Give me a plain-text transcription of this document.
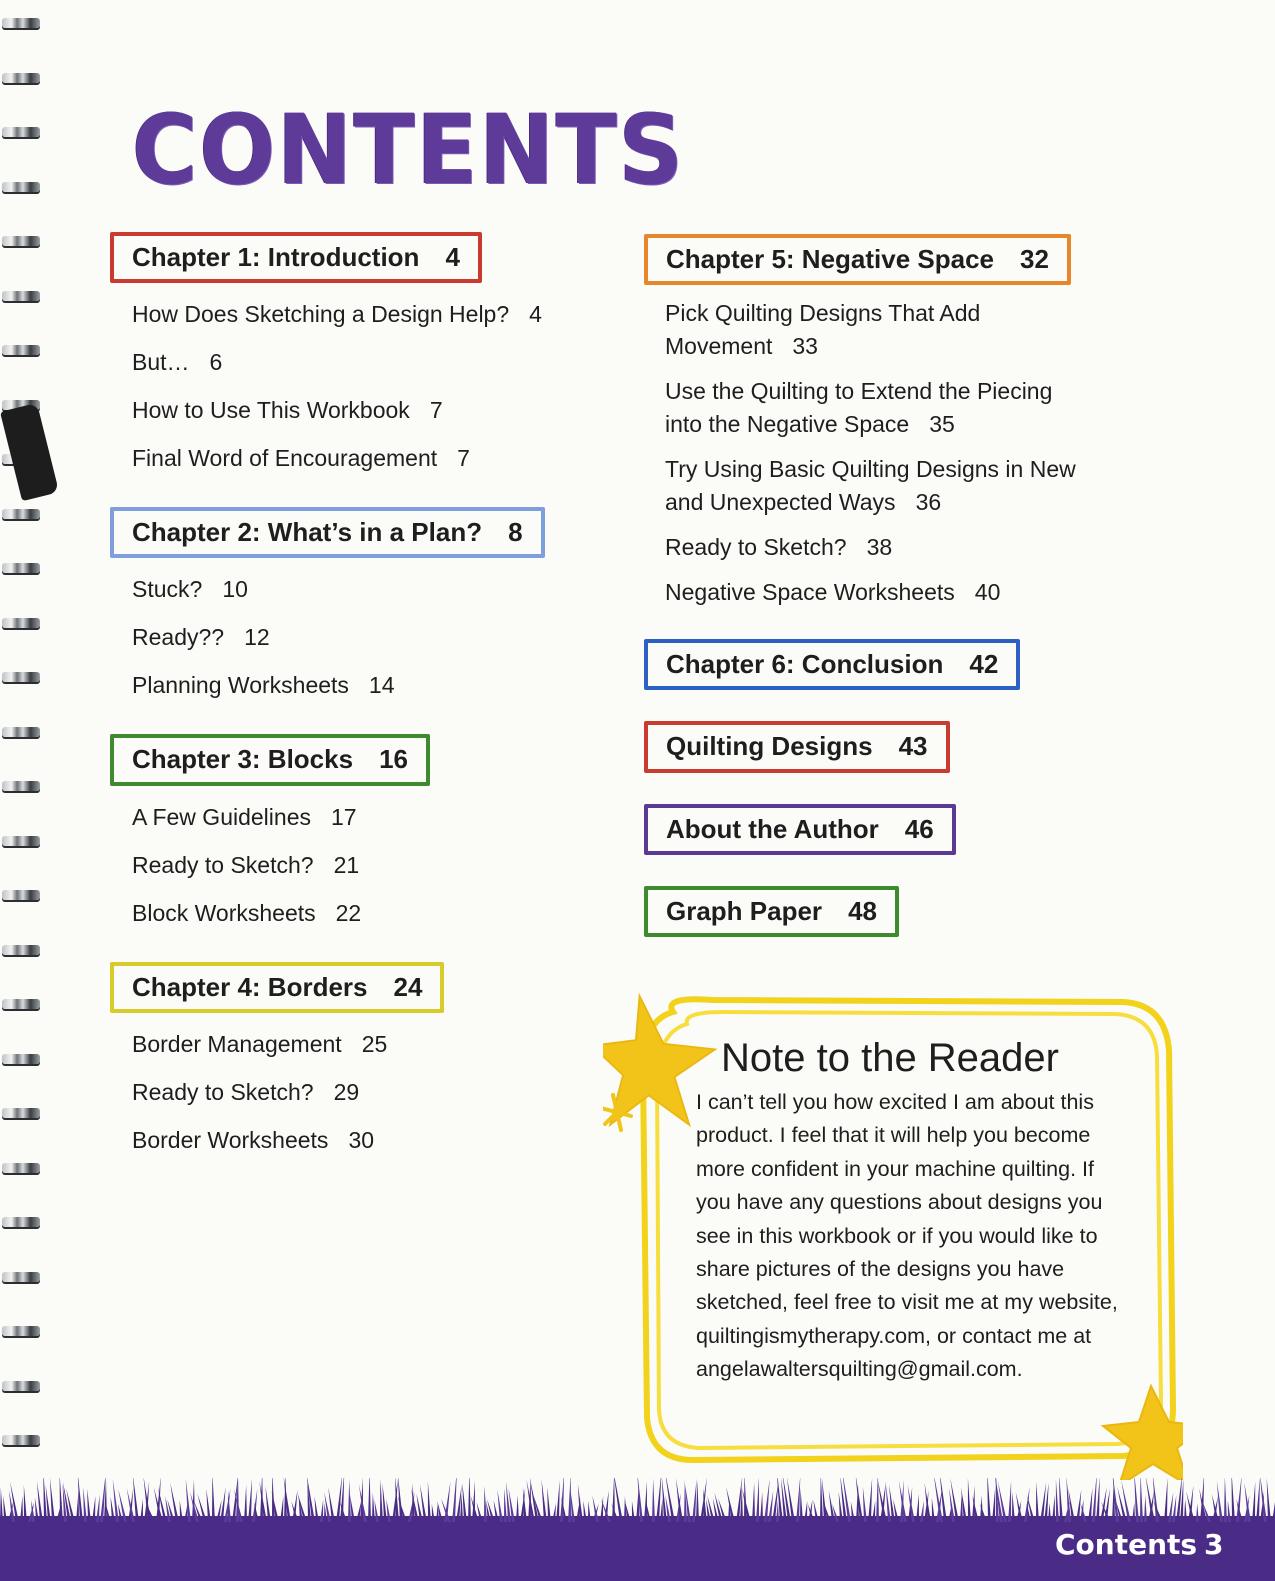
CONTENTS
Chapter 1: Introduction 4
How Does Sketching a Design Help? 4
But… 6
How to Use This Workbook 7
Final Word of Encouragement 7
Chapter 2: What’s in a Plan? 8
Stuck? 10
Ready?? 12
Planning Worksheets 14
Chapter 3: Blocks 16
A Few Guidelines 17
Ready to Sketch? 21
Block Worksheets 22
Chapter 4: Borders 24
Border Management 25
Ready to Sketch? 29
Border Worksheets 30
Chapter 5: Negative Space 32
Pick Quilting Designs That Add
Movement 33
Use the Quilting to Extend the Piecing
into the Negative Space 35
Try Using Basic Quilting Designs in New
and Unexpected Ways 36
Ready to Sketch? 38
Negative Space Worksheets 40
Chapter 6: Conclusion 42
Quilting Designs 43
About the Author 46
Graph Paper 48
Note to the Reader

I can’t tell you how excited I am about this product. I feel that it will help you become more confident in your machine quilting. If you have any questions about designs you see in this workbook or if you would like to share pictures of the designs you have sketched, feel free to visit me at my website, quiltingismytherapy.com, or contact me at angelawaltersquilting@gmail.com.

Contents 3
